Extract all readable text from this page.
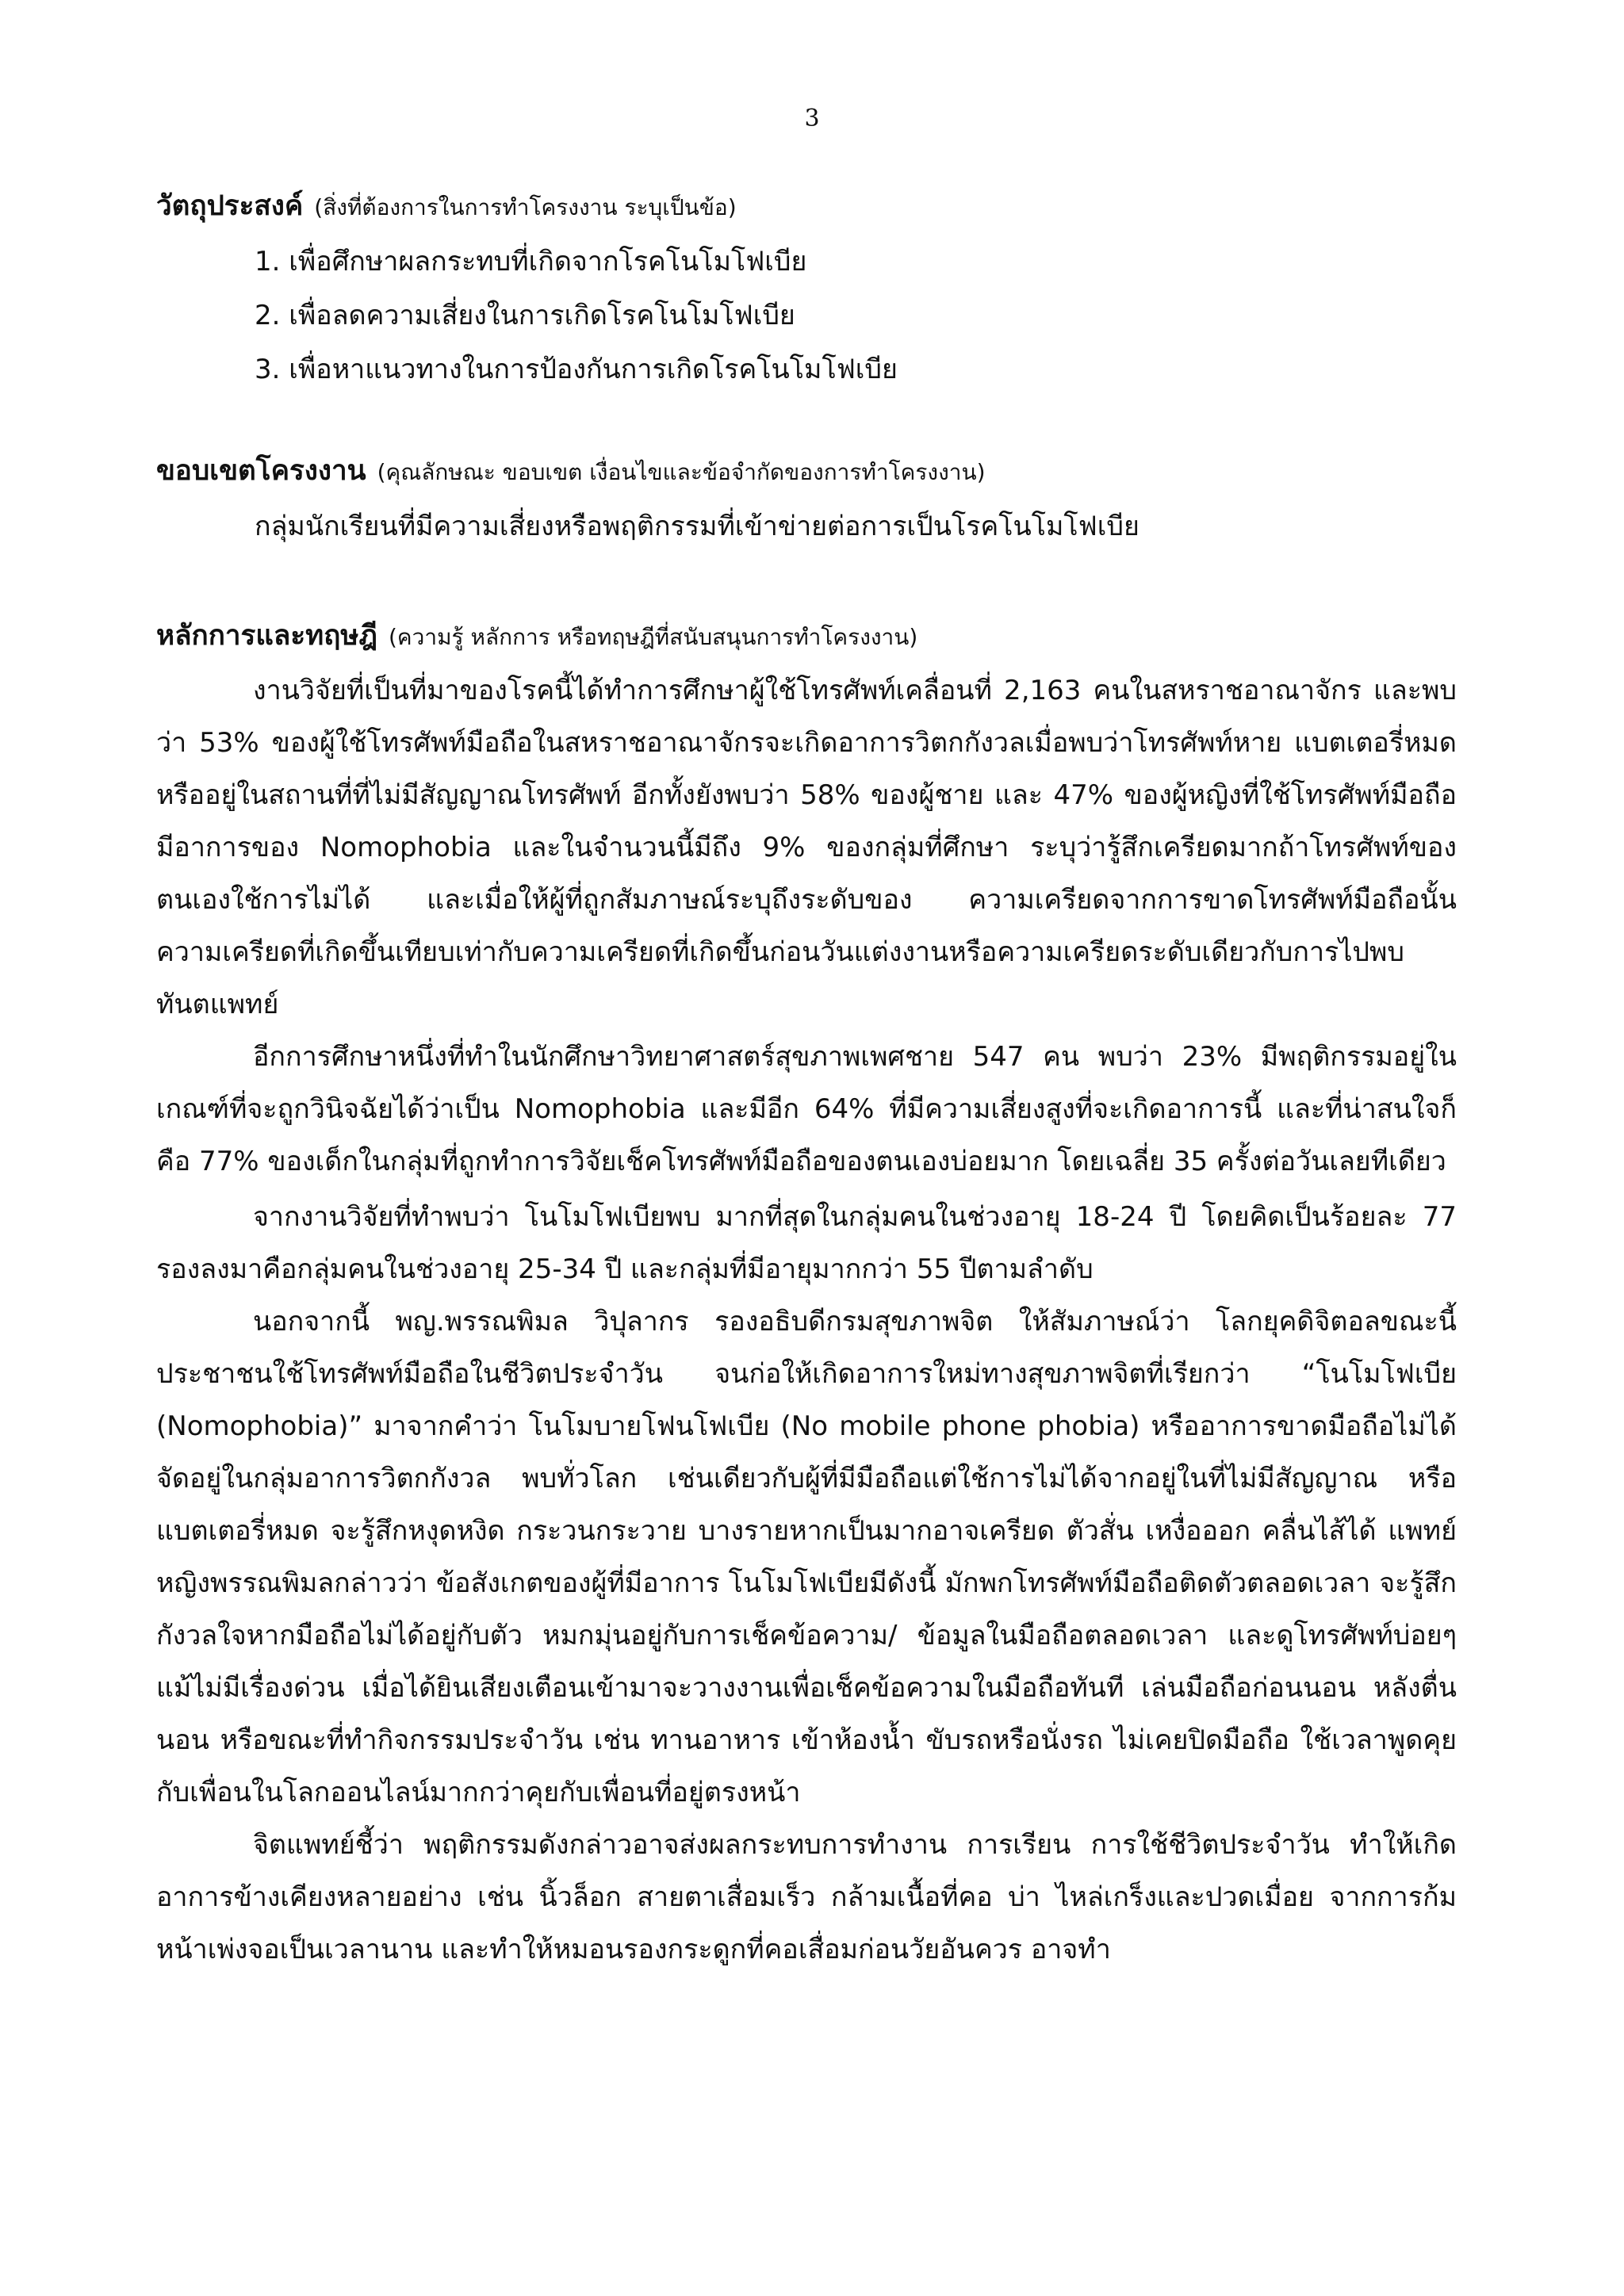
3
วัตถุประสงค์ (สิ่งที่ต้องการในการทำโครงงาน ระบุเป็นข้อ)
1. เพื่อศึกษาผลกระทบที่เกิดจากโรคโนโมโฟเบีย
2. เพื่อลดความเสี่ยงในการเกิดโรคโนโมโฟเบีย
3. เพื่อหาแนวทางในการป้องกันการเกิดโรคโนโมโฟเบีย
ขอบเขตโครงงาน (คุณลักษณะ ขอบเขต เงื่อนไขและข้อจำกัดของการทำโครงงาน)
กลุ่มนักเรียนที่มีความเสี่ยงหรือพฤติกรรมที่เข้าข่ายต่อการเป็นโรคโนโมโฟเบีย
หลักการและทฤษฎี (ความรู้ หลักการ หรือทฤษฎีที่สนับสนุนการทำโครงงาน)

งานวิจัยที่เป็นที่มาของโรคนี้ได้ทำการศึกษาผู้ใช้โทรศัพท์เคลื่อนที่ 2,163 คนในสหราชอาณาจักร และพบว่า 53% ของผู้ใช้โทรศัพท์มือถือในสหราชอาณาจักรจะเกิดอาการวิตกกังวลเมื่อพบว่าโทรศัพท์หาย แบตเตอรี่หมด หรืออยู่ในสถานที่ที่ไม่มีสัญญาณโทรศัพท์ อีกทั้งยังพบว่า 58% ของผู้ชาย และ 47% ของผู้หญิงที่ใช้โทรศัพท์มือถือมีอาการของ Nomophobia และในจำนวนนี้มีถึง 9% ของกลุ่มที่ศึกษา ระบุว่ารู้สึกเครียดมากถ้าโทรศัพท์ของตนเองใช้การไม่ได้ และเมื่อให้ผู้ที่ถูกสัมภาษณ์ระบุถึงระดับของ ความเครียดจากการขาดโทรศัพท์มือถือนั้น ความเครียดที่เกิดขึ้นเทียบเท่ากับความเครียดที่เกิดขึ้นก่อนวันแต่งงานหรือความเครียดระดับเดียวกับการไปพบทันตแพทย์

อีกการศึกษาหนึ่งที่ทำในนักศึกษาวิทยาศาสตร์สุขภาพเพศชาย 547 คน พบว่า 23% มีพฤติกรรมอยู่ในเกณฑ์ที่จะถูกวินิจฉัยได้ว่าเป็น Nomophobia และมีอีก 64% ที่มีความเสี่ยงสูงที่จะเกิดอาการนี้ และที่น่าสนใจก็คือ 77% ของเด็กในกลุ่มที่ถูกทำการวิจัยเช็คโทรศัพท์มือถือของตนเองบ่อยมาก โดยเฉลี่ย 35 ครั้งต่อวันเลยทีเดียว

จากงานวิจัยที่ทำพบว่า โนโมโฟเบียพบ มากที่สุดในกลุ่มคนในช่วงอายุ 18-24 ปี โดยคิดเป็นร้อยละ 77 รองลงมาคือกลุ่มคนในช่วงอายุ 25-34 ปี และกลุ่มที่มีอายุมากกว่า 55 ปีตามลำดับ

นอกจากนี้ พญ.พรรณพิมล วิปุลากร รองอธิบดีกรมสุขภาพจิต ให้สัมภาษณ์ว่า โลกยุคดิจิตอลขณะนี้ ประชาชนใช้โทรศัพท์มือถือในชีวิตประจำวัน จนก่อให้เกิดอาการใหม่ทางสุขภาพจิตที่เรียกว่า “โนโมโฟเบีย (Nomophobia)” มาจากคำว่า โนโมบายโฟนโฟเบีย (No mobile phone phobia) หรืออาการขาดมือถือไม่ได้ จัดอยู่ในกลุ่มอาการวิตกกังวล พบทั่วโลก เช่นเดียวกับผู้ที่มีมือถือแต่ใช้การไม่ได้จากอยู่ในที่ไม่มีสัญญาณ หรือแบตเตอรี่หมด จะรู้สึกหงุดหงิด กระวนกระวาย บางรายหากเป็นมากอาจเครียด ตัวสั่น เหงื่อออก คลื่นไส้ได้ แพทย์หญิงพรรณพิมลกล่าวว่า ข้อสังเกตของผู้ที่มีอาการ โนโมโฟเบียมีดังนี้ มักพกโทรศัพท์มือถือติดตัวตลอดเวลา จะรู้สึกกังวลใจหากมือถือไม่ได้อยู่กับตัว หมกมุ่นอยู่กับการเช็คข้อความ/ ข้อมูลในมือถือตลอดเวลา และดูโทรศัพท์บ่อยๆ แม้ไม่มีเรื่องด่วน เมื่อได้ยินเสียงเตือนเข้ามาจะวางงานเพื่อเช็คข้อความในมือถือทันที เล่นมือถือก่อนนอน หลังตื่นนอน หรือขณะที่ทำกิจกรรมประจำวัน เช่น ทานอาหาร เข้าห้องน้ำ ขับรถหรือนั่งรถ ไม่เคยปิดมือถือ ใช้เวลาพูดคุยกับเพื่อนในโลกออนไลน์มากกว่าคุยกับเพื่อนที่อยู่ตรงหน้า

จิตแพทย์ชี้ว่า พฤติกรรมดังกล่าวอาจส่งผลกระทบการทำงาน การเรียน การใช้ชีวิตประจำวัน ทำให้เกิดอาการข้างเคียงหลายอย่าง เช่น นิ้วล็อก สายตาเสื่อมเร็ว กล้ามเนื้อที่คอ บ่า ไหล่เกร็งและปวดเมื่อย จากการก้มหน้าเพ่งจอเป็นเวลานาน และทำให้หมอนรองกระดูกที่คอเสื่อมก่อนวัยอันควร อาจทำ
